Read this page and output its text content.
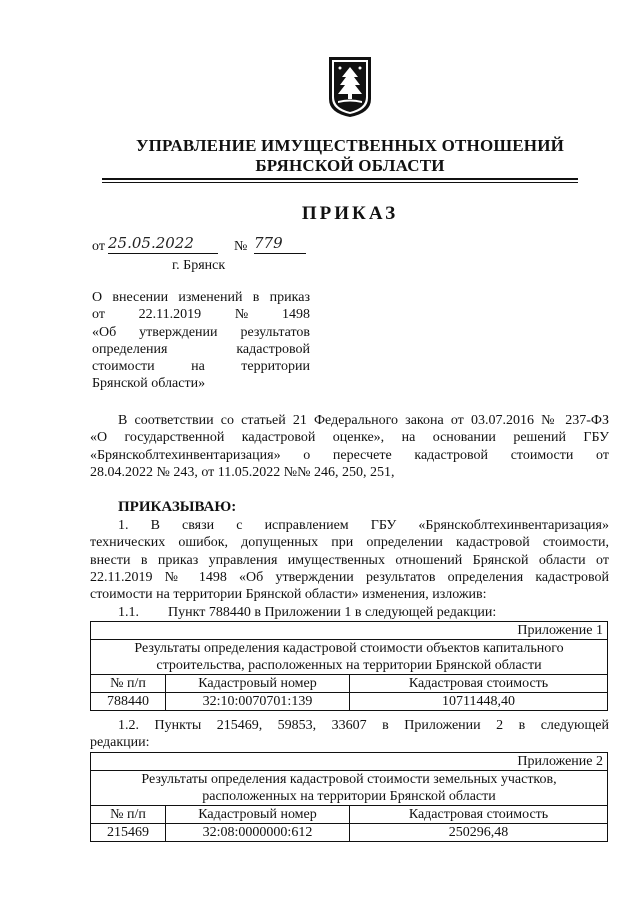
УПРАВЛЕНИЕ ИМУЩЕСТВЕННЫХ ОТНОШЕНИЙ
БРЯНСКОЙ ОБЛАСТИ
ПРИКАЗ
от 25.05.2022	№ 779
г. Брянск
О внесении изменений в приказ
от 22.11.2019 № 1498
«Об утверждении результатов
определения	кадастровой
стоимости	на	территории
Брянской области»
В соответствии со статьей 21 Федерального закона от 03.07.2016 № 237-ФЗ
«О государственной кадастровой оценке», на основании решений ГБУ
«Брянскоблтехинвентаризация» о пересчете кадастровой стоимости от
28.04.2022 № 243, от 11.05.2022 №№ 246, 250, 251,
ПРИКАЗЫВАЮ:
1. В связи с исправлением ГБУ «Брянскоблтехинвентаризация»
технических ошибок, допущенных при определении кадастровой стоимости,
внести в приказ управления имущественных отношений Брянской области от
22.11.2019 № 1498 «Об утверждении результатов определения кадастровой
стоимости на территории Брянской области» изменения, изложив:
1.1. Пункт 788440 в Приложении 1 в следующей редакции:
Приложение 1		

Результаты определения кадастровой стоимости объектов капитального
строительства, расположенных на территории Брянской области		

№ п/п	Кадастровый номер	Кадастровая стоимость
788440	32:10:0070701:139	10711448,40
1.2. Пункты 215469, 59853, 33607 в Приложении 2 в следующей
редакции:
Приложение 2		

Результаты определения кадастровой стоимости земельных участков,
расположенных на территории Брянской области		

№ п/п	Кадастровый номер	Кадастровая стоимость
215469	32:08:0000000:612	250296,48
